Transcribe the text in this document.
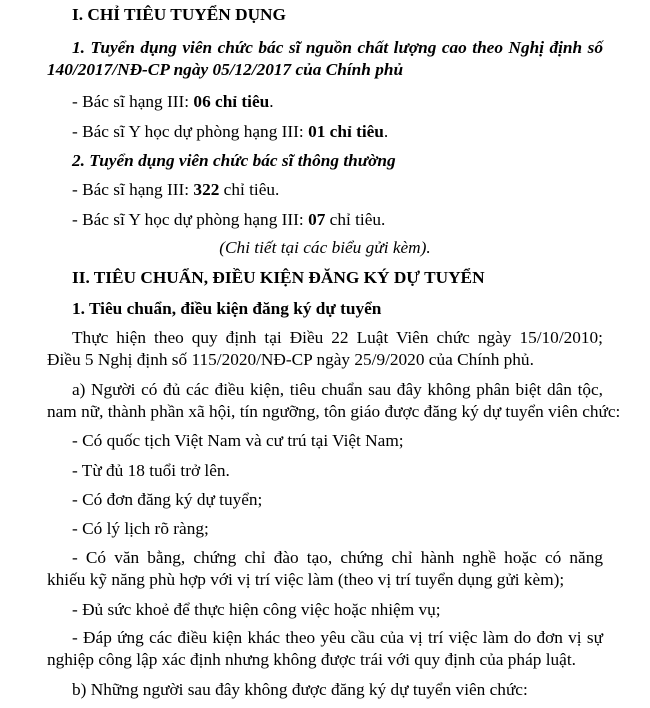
I. CHỈ TIÊU TUYỂN DỤNG
1. Tuyển dụng viên chức bác sĩ nguồn chất lượng cao theo Nghị định số
140/2017/NĐ-CP ngày 05/12/2017 của Chính phủ
- Bác sĩ hạng III: 06 chỉ tiêu.
- Bác sĩ Y học dự phòng hạng III: 01 chỉ tiêu.
2. Tuyển dụng viên chức bác sĩ thông thường
- Bác sĩ hạng III: 322 chỉ tiêu.
- Bác sĩ Y học dự phòng hạng III: 07 chỉ tiêu.
(Chi tiết tại các biểu gửi kèm).
II. TIÊU CHUẨN, ĐIỀU KIỆN ĐĂNG KÝ DỰ TUYỂN
1. Tiêu chuẩn, điều kiện đăng ký dự tuyển
Thực hiện theo quy định tại Điều 22 Luật Viên chức ngày 15/10/2010;
Điều 5 Nghị định số 115/2020/NĐ-CP ngày 25/9/2020 của Chính phủ.
a) Người có đủ các điều kiện, tiêu chuẩn sau đây không phân biệt dân tộc,
nam nữ, thành phần xã hội, tín ngưỡng, tôn giáo được đăng ký dự tuyển viên chức:
- Có quốc tịch Việt Nam và cư trú tại Việt Nam;
- Từ đủ 18 tuổi trở lên.
- Có đơn đăng ký dự tuyển;
- Có lý lịch rõ ràng;
- Có văn bằng, chứng chỉ đào tạo, chứng chỉ hành nghề hoặc có năng
khiếu kỹ năng phù hợp với vị trí việc làm (theo vị trí tuyển dụng gửi kèm);
- Đủ sức khoẻ để thực hiện công việc hoặc nhiệm vụ;
- Đáp ứng các điều kiện khác theo yêu cầu của vị trí việc làm do đơn vị sự
nghiệp công lập xác định nhưng không được trái với quy định của pháp luật.
b) Những người sau đây không được đăng ký dự tuyển viên chức:
